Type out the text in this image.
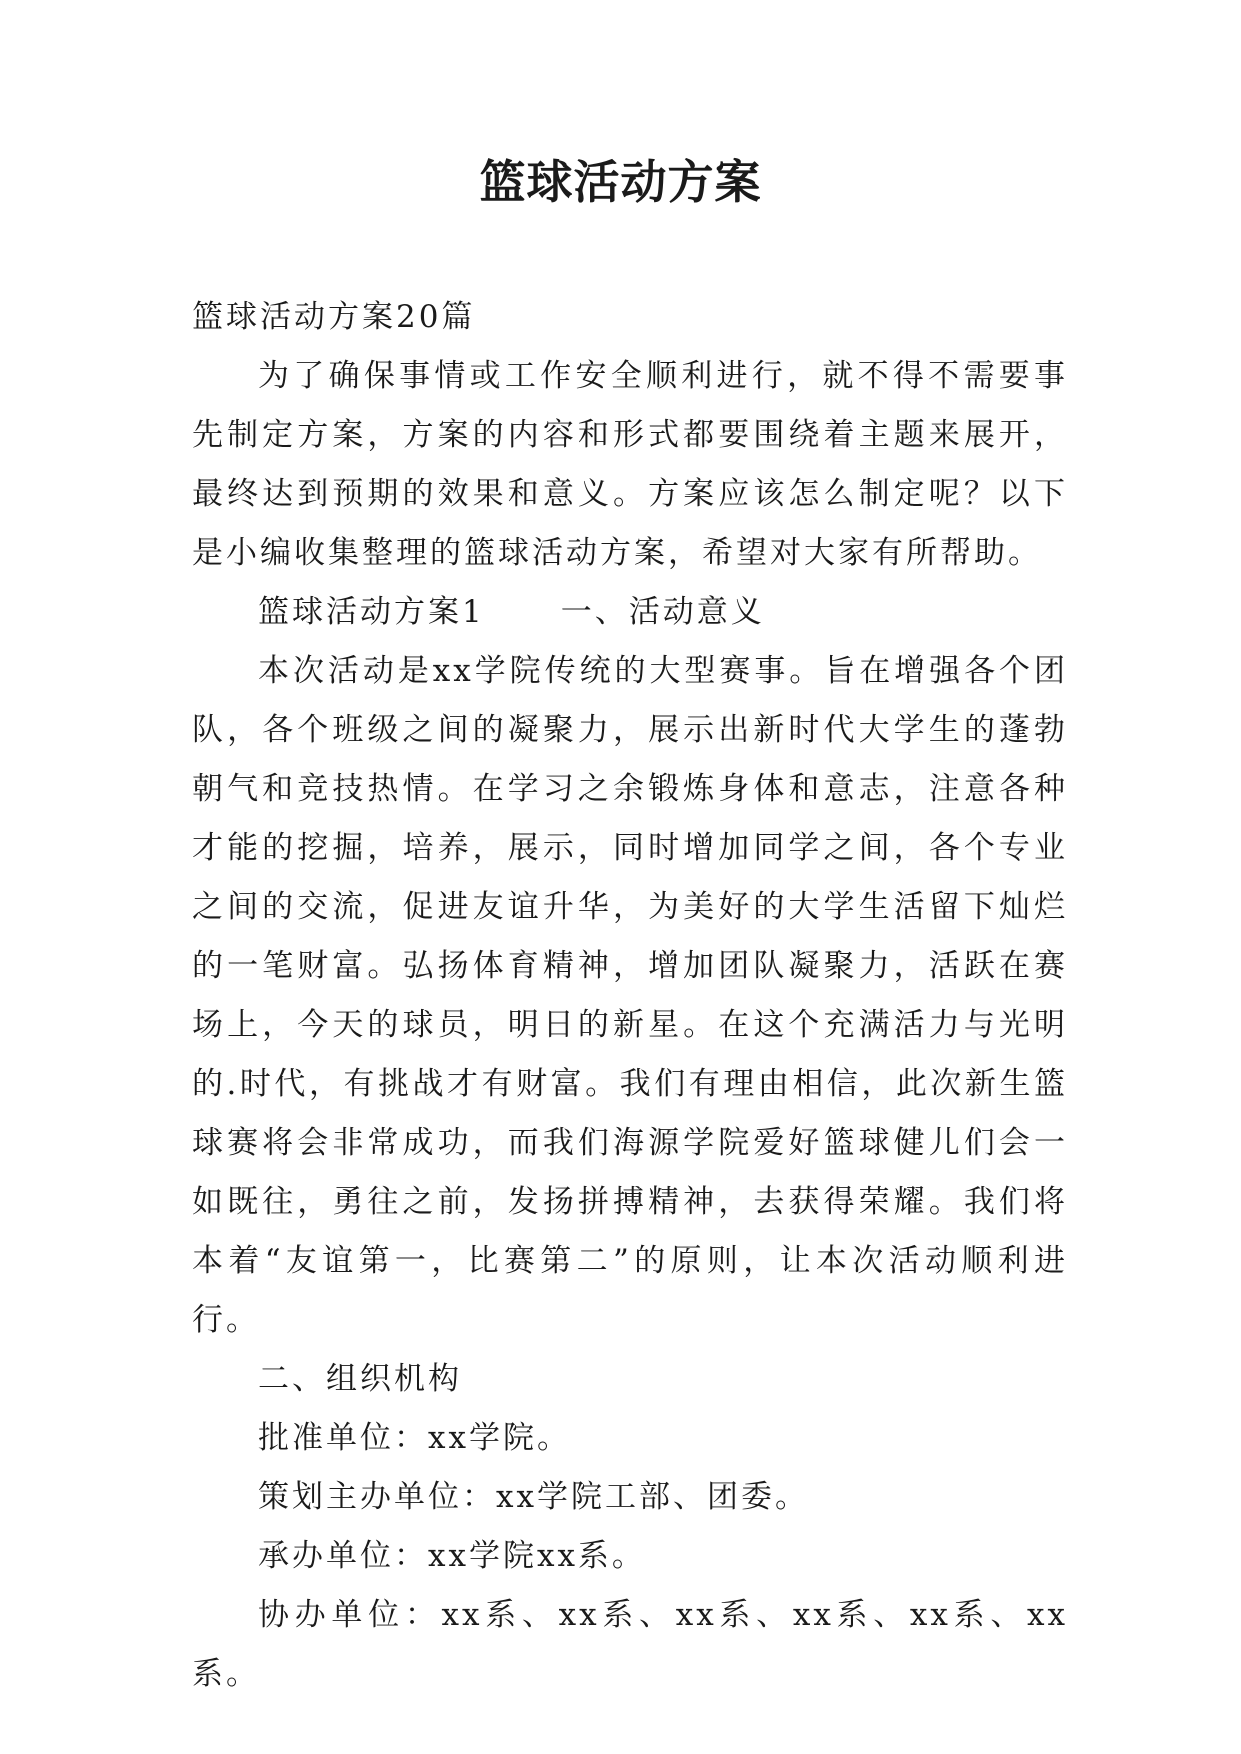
篮球活动方案

篮球活动方案20篇

为了确保事情或工作安全顺利进行，就不得不需要事先制定方案，方案的内容和形式都要围绕着主题来展开，最终达到预期的效果和意义。方案应该怎么制定呢？以下是小编收集整理的篮球活动方案，希望对大家有所帮助。

篮球活动方案1 一、活动意义

本次活动是xx学院传统的大型赛事。旨在增强各个团队，各个班级之间的凝聚力，展示出新时代大学生的蓬勃朝气和竞技热情。在学习之余锻炼身体和意志，注意各种才能的挖掘，培养，展示，同时增加同学之间，各个专业之间的交流，促进友谊升华，为美好的大学生活留下灿烂的一笔财富。弘扬体育精神，增加团队凝聚力，活跃在赛场上，今天的球员，明日的新星。在这个充满活力与光明的.时代，有挑战才有财富。我们有理由相信，此次新生篮球赛将会非常成功，而我们海源学院爱好篮球健儿们会一如既往，勇往之前，发扬拼搏精神，去获得荣耀。我们将本着“友谊第一，比赛第二”的原则，让本次活动顺利进行。

二、组织机构

批准单位：xx学院。

策划主办单位：xx学院工部、团委。

承办单位：xx学院xx系。

协办单位：xx系、xx系、xx系、xx系、xx系、xx系。
